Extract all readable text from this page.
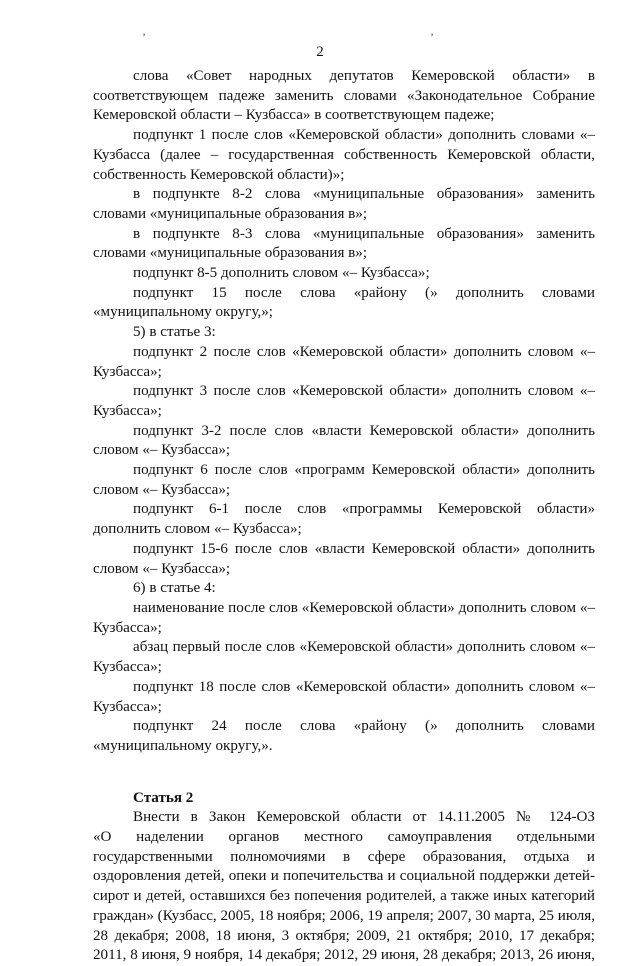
’	’
2

слова «Совет народных депутатов Кемеровской области» в соответствующем падеже заменить словами «Законодательное Собрание Кемеровской области – Кузбасса» в соответствующем падеже;

подпункт 1 после слов «Кемеровской области» дополнить словами «– Кузбасса (далее – государственная собственность Кемеровской области, собственность Кемеровской области)»;

в подпункте 8-2 слова «муниципальные образования» заменить словами «муниципальные образования в»;

в подпункте 8-3 слова «муниципальные образования» заменить словами «муниципальные образования в»;

подпункт 8-5 дополнить словом «– Кузбасса»;

подпункт 15 после слова «району (» дополнить словами «муниципальному округу,»;

5) в статье 3:

подпункт 2 после слов «Кемеровской области» дополнить словом «– Кузбасса»;

подпункт 3 после слов «Кемеровской области» дополнить словом «– Кузбасса»;

подпункт 3-2 после слов «власти Кемеровской области» дополнить словом «– Кузбасса»;

подпункт 6 после слов «программ Кемеровской области» дополнить словом «– Кузбасса»;

подпункт 6-1 после слов «программы Кемеровской области» дополнить словом «– Кузбасса»;

подпункт 15-6 после слов «власти Кемеровской области» дополнить словом «– Кузбасса»;

6) в статье 4:

наименование после слов «Кемеровской области» дополнить словом «– Кузбасса»;

абзац первый после слов «Кемеровской области» дополнить словом «– Кузбасса»;

подпункт 18 после слов «Кемеровской области» дополнить словом «– Кузбасса»;

подпункт 24 после слова «району (» дополнить словами «муниципальному округу,».

Статья 2

Внести в Закон Кемеровской области от 14.11.2005 № 124-ОЗ

«О наделении органов местного самоуправления отдельными

государственными полномочиями в сфере образования, отдыха и

оздоровления детей, опеки и попечительства и социальной поддержки детей-

сирот и детей, оставшихся без попечения родителей, а также иных категорий

граждан» (Кузбасс, 2005, 18 ноября; 2006, 19 апреля; 2007, 30 марта, 25 июля,

28 декабря; 2008, 18 июня, 3 октября; 2009, 21 октября; 2010, 17 декабря;

2011, 8 июня, 9 ноября, 14 декабря; 2012, 29 июня, 28 декабря; 2013, 26 июня,
